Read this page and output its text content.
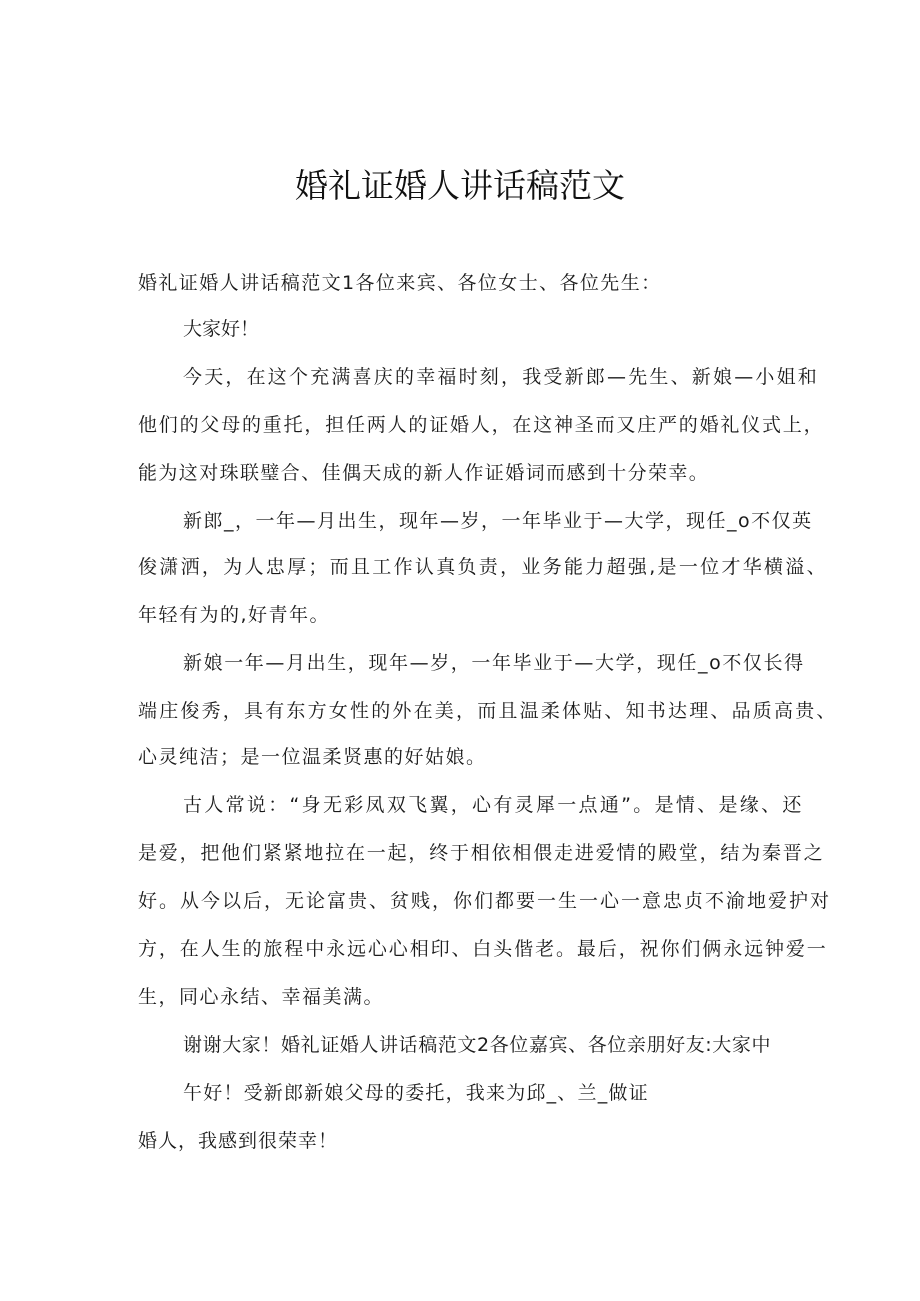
婚礼证婚人讲话稿范文
婚礼证婚人讲话稿范文1各位来宾、各位女士、各位先生：
大家好！
今天，在这个充满喜庆的幸福时刻，我受新郎—先生、新娘—小姐和
他们的父母的重托，担任两人的证婚人，在这神圣而又庄严的婚礼仪式上，
能为这对珠联璧合、佳偶天成的新人作证婚词而感到十分荣幸。
新郎_，一年—月出生，现年—岁，一年毕业于—大学，现任_o不仅英
俊潇洒，为人忠厚；而且工作认真负责，业务能力超强,是一位才华横溢、
年轻有为的,好青年。
新娘一年—月出生，现年—岁，一年毕业于—大学，现任_o不仅长得
端庄俊秀，具有东方女性的外在美，而且温柔体贴、知书达理、品质高贵、
心灵纯洁；是一位温柔贤惠的好姑娘。
古人常说：“身无彩凤双飞翼，心有灵犀一点通”。是情、是缘、还
是爱，把他们紧紧地拉在一起，终于相依相偎走进爱情的殿堂，结为秦晋之
好。从今以后，无论富贵、贫贱，你们都要一生一心一意忠贞不渝地爱护对
方，在人生的旅程中永远心心相印、白头偕老。最后，祝你们俩永远钟爱一
生，同心永结、幸福美满。
谢谢大家！婚礼证婚人讲话稿范文2各位嘉宾、各位亲朋好友:大家中
午好！受新郎新娘父母的委托，我来为邱_、兰_做证
婚人，我感到很荣幸！
